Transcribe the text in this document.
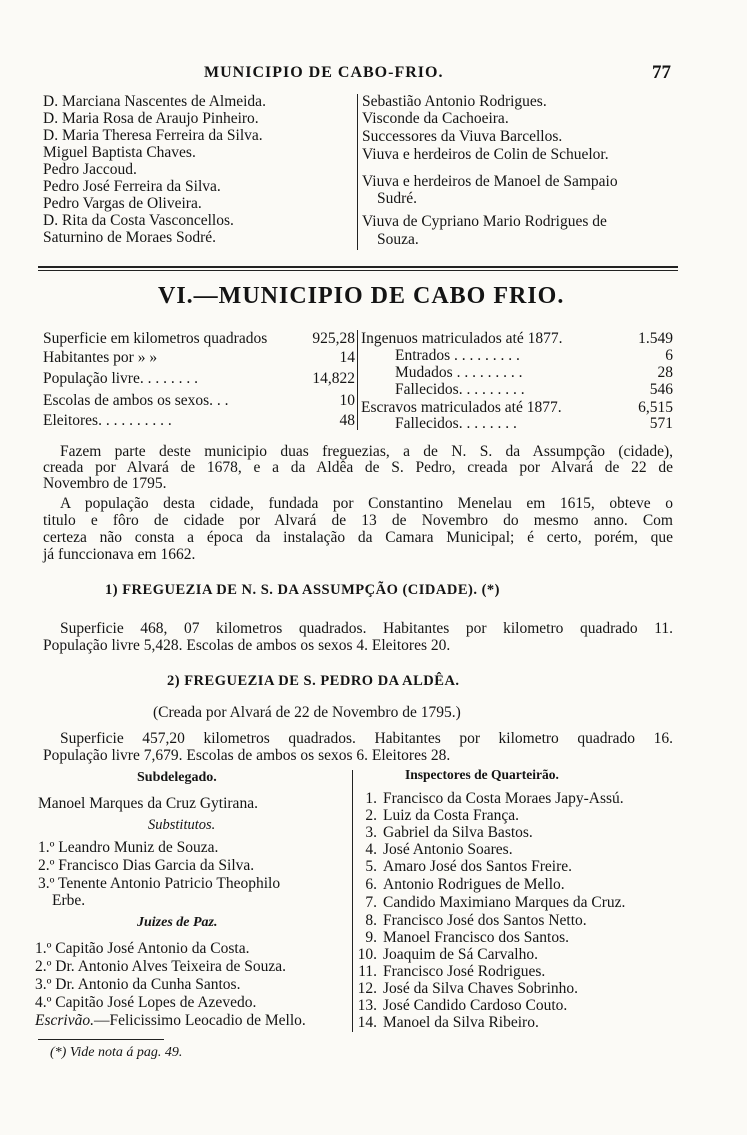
MUNICIPIO DE CABO-FRIO.	77
D. Marciana Nascentes de Almeida.
D. Maria Rosa de Araujo Pinheiro.
D. Maria Theresa Ferreira da Silva.
Miguel Baptista Chaves.
Pedro Jaccoud.
Pedro José Ferreira da Silva.
Pedro Vargas de Oliveira.
D. Rita da Costa Vasconcellos.
Saturnino de Moraes Sodré.
Sebastião Antonio Rodrigues.
Visconde da Cachoeira.
Successores da Viuva Barcellos.
Viuva e herdeiros de Colin de Schuelor.
Viuva e herdeiros de Manoel de Sampaio
Sudré.
Viuva de Cypriano Mario Rodrigues de
Souza.
VI.—MUNICIPIO DE CABO FRIO.
Superficie em kilometros quadrados	925,28
Habitantes por » »	14
População livre. . . . . . . .	14,822
Escolas de ambos os sexos. . .	10
Eleitores. . . . . . . . . .	48
Ingenuos matriculados até 1877.	1.549
Entrados . . . . . . . . .	6
Mudados . . . . . . . . .	28
Fallecidos. . . . . . . . .	546
Escravos matriculados até 1877.	6,515
Fallecidos. . . . . . . .	571
Fazem parte deste municipio duas freguezias, a de N. S. da Assumpção (cidade),
creada por Alvará de 1678, e a da Aldêa de S. Pedro, creada por Alvará de 22 de
Novembro de 1795.
A população desta cidade, fundada por Constantino Menelau em 1615, obteve o
titulo e fôro de cidade por Alvará de 13 de Novembro do mesmo anno. Com
certeza não consta a época da instalação da Camara Municipal; é certo, porém, que
já funccionava em 1662.
1) FREGUEZIA DE N. S. DA ASSUMPÇÃO (CIDADE). (*)
Superficie 468, 07 kilometros quadrados. Habitantes por kilometro quadrado 11.
População livre 5,428. Escolas de ambos os sexos 4. Eleitores 20.
2) FREGUEZIA DE S. PEDRO DA ALDÊA.
(Creada por Alvará de 22 de Novembro de 1795.)
Superficie 457,20 kilometros quadrados. Habitantes por kilometro quadrado 16.
População livre 7,679. Escolas de ambos os sexos 6. Eleitores 28.
Subdelegado.
Manoel Marques da Cruz Gytirana.
Substitutos.
1.º Leandro Muniz de Souza.
2.º Francisco Dias Garcia da Silva.
3.º Tenente Antonio Patricio Theophilo
Erbe.
Juizes de Paz.
1.º Capitão José Antonio da Costa.
2.º Dr. Antonio Alves Teixeira de Souza.
3.º Dr. Antonio da Cunha Santos.
4.º Capitão José Lopes de Azevedo.
Escrivão.—Felicissimo Leocadio de Mello.
Inspectores de Quarteirão.
1. Francisco da Costa Moraes Japy-Assú.
2. Luiz da Costa França.
3. Gabriel da Silva Bastos.
4. José Antonio Soares.
5. Amaro José dos Santos Freire.
6. Antonio Rodrigues de Mello.
7. Candido Maximiano Marques da Cruz.
8. Francisco José dos Santos Netto.
9. Manoel Francisco dos Santos.
10. Joaquim de Sá Carvalho.
11. Francisco José Rodrigues.
12. José da Silva Chaves Sobrinho.
13. José Candido Cardoso Couto.
14. Manoel da Silva Ribeiro.
(*) Vide nota á pag. 49.
